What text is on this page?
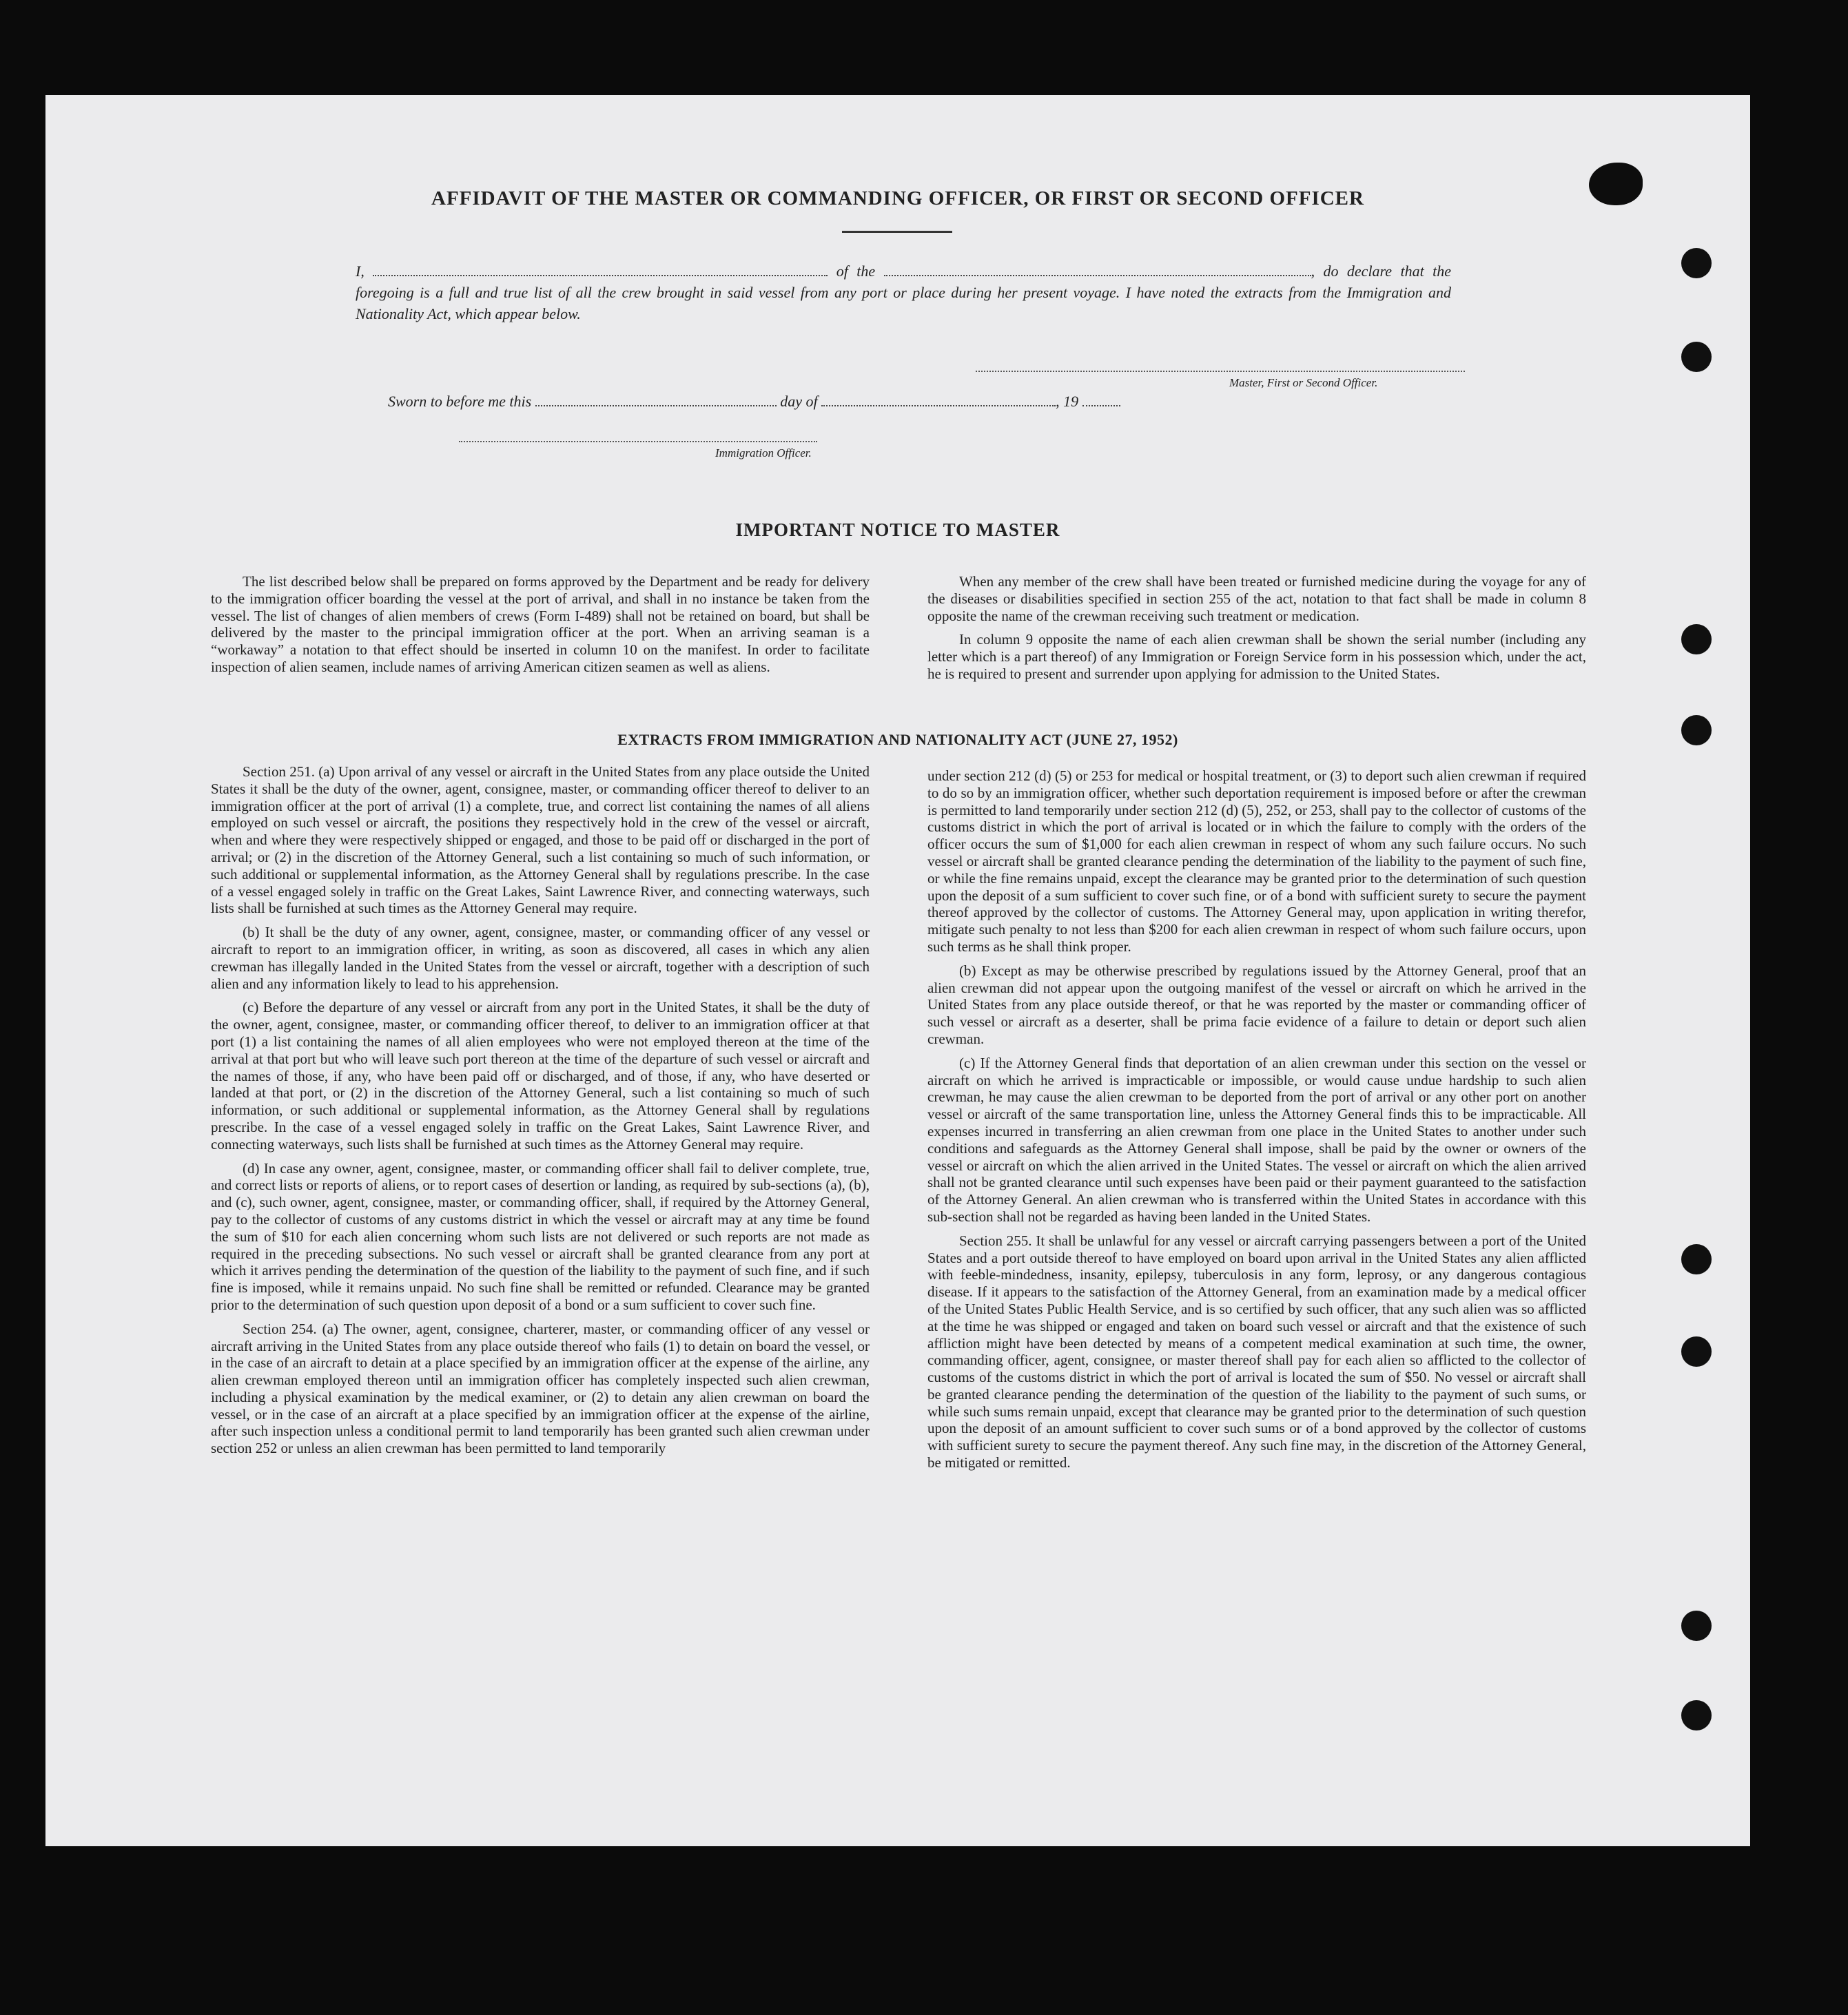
AFFIDAVIT OF THE MASTER OR COMMANDING OFFICER, OR FIRST OR SECOND OFFICER

I,	of the	, do declare that the foregoing is a full and true list of all the crew brought in said vessel from any port or place during her present voyage. I have noted the extracts from the Immigration and Nationality Act, which appear below.

Master, First or Second Officer.
Sworn to before me this	day of	, 19
Immigration Officer.
IMPORTANT NOTICE TO MASTER

The list described below shall be prepared on forms approved by the Department and be ready for delivery to the immigration officer boarding the vessel at the port of arrival, and shall in no instance be taken from the vessel. The list of changes of alien members of crews (Form I-489) shall not be retained on board, but shall be delivered by the master to the principal immigration officer at the port. When an arriving seaman is a “workaway” a notation to that effect should be inserted in column 10 on the manifest. In order to facilitate inspection of alien seamen, include names of arriving American citizen seamen as well as aliens.

When any member of the crew shall have been treated or furnished medicine during the voyage for any of the diseases or disabilities specified in section 255 of the act, notation to that fact shall be made in column 8 opposite the name of the crewman receiving such treatment or medication.

In column 9 opposite the name of each alien crewman shall be shown the serial number (including any letter which is a part thereof) of any Immigration or Foreign Service form in his possession which, under the act, he is required to present and surrender upon applying for admission to the United States.

EXTRACTS FROM IMMIGRATION AND NATIONALITY ACT (JUNE 27, 1952)

Section 251. (a) Upon arrival of any vessel or aircraft in the United States from any place outside the United States it shall be the duty of the owner, agent, consignee, master, or commanding officer thereof to deliver to an immigration officer at the port of arrival (1) a complete, true, and correct list containing the names of all aliens employed on such vessel or aircraft, the positions they respectively hold in the crew of the vessel or aircraft, when and where they were respectively shipped or engaged, and those to be paid off or discharged in the port of arrival; or (2) in the discretion of the Attorney General, such a list containing so much of such information, or such additional or supplemental information, as the Attorney General shall by regulations prescribe. In the case of a vessel engaged solely in traffic on the Great Lakes, Saint Lawrence River, and connecting waterways, such lists shall be furnished at such times as the Attorney General may require.

(b) It shall be the duty of any owner, agent, consignee, master, or commanding officer of any vessel or aircraft to report to an immigration officer, in writing, as soon as discovered, all cases in which any alien crewman has illegally landed in the United States from the vessel or aircraft, together with a description of such alien and any information likely to lead to his apprehension.

(c) Before the departure of any vessel or aircraft from any port in the United States, it shall be the duty of the owner, agent, consignee, master, or commanding officer thereof, to deliver to an immigration officer at that port (1) a list containing the names of all alien employees who were not employed thereon at the time of the arrival at that port but who will leave such port thereon at the time of the departure of such vessel or aircraft and the names of those, if any, who have been paid off or discharged, and of those, if any, who have deserted or landed at that port, or (2) in the discretion of the Attorney General, such a list containing so much of such information, or such additional or supplemental information, as the Attorney General shall by regulations prescribe. In the case of a vessel engaged solely in traffic on the Great Lakes, Saint Lawrence River, and connecting waterways, such lists shall be furnished at such times as the Attorney General may require.

(d) In case any owner, agent, consignee, master, or commanding officer shall fail to deliver complete, true, and correct lists or reports of aliens, or to report cases of desertion or landing, as required by sub-sections (a), (b), and (c), such owner, agent, consignee, master, or commanding officer, shall, if required by the Attorney General, pay to the collector of customs of any customs district in which the vessel or aircraft may at any time be found the sum of $10 for each alien concerning whom such lists are not delivered or such reports are not made as required in the preceding subsections. No such vessel or aircraft shall be granted clearance from any port at which it arrives pending the determination of the question of the liability to the payment of such fine, and if such fine is imposed, while it remains unpaid. No such fine shall be remitted or refunded. Clearance may be granted prior to the determination of such question upon deposit of a bond or a sum sufficient to cover such fine.

Section 254. (a) The owner, agent, consignee, charterer, master, or commanding officer of any vessel or aircraft arriving in the United States from any place outside thereof who fails (1) to detain on board the vessel, or in the case of an aircraft to detain at a place specified by an immigration officer at the expense of the airline, any alien crewman employed thereon until an immigration officer has completely inspected such alien crewman, including a physical examination by the medical examiner, or (2) to detain any alien crewman on board the vessel, or in the case of an aircraft at a place specified by an immigration officer at the expense of the airline, after such inspection unless a conditional permit to land temporarily has been granted such alien crewman under section 252 or unless an alien crewman has been permitted to land temporarily

under section 212 (d) (5) or 253 for medical or hospital treatment, or (3) to deport such alien crewman if required to do so by an immigration officer, whether such deportation requirement is imposed before or after the crewman is permitted to land temporarily under section 212 (d) (5), 252, or 253, shall pay to the collector of customs of the customs district in which the port of arrival is located or in which the failure to comply with the orders of the officer occurs the sum of $1,000 for each alien crewman in respect of whom any such failure occurs. No such vessel or aircraft shall be granted clearance pending the determination of the liability to the payment of such fine, or while the fine remains unpaid, except the clearance may be granted prior to the determination of such question upon the deposit of a sum sufficient to cover such fine, or of a bond with sufficient surety to secure the payment thereof approved by the collector of customs. The Attorney General may, upon application in writing therefor, mitigate such penalty to not less than $200 for each alien crewman in respect of whom such failure occurs, upon such terms as he shall think proper.

(b) Except as may be otherwise prescribed by regulations issued by the Attorney General, proof that an alien crewman did not appear upon the outgoing manifest of the vessel or aircraft on which he arrived in the United States from any place outside thereof, or that he was reported by the master or commanding officer of such vessel or aircraft as a deserter, shall be prima facie evidence of a failure to detain or deport such alien crewman.

(c) If the Attorney General finds that deportation of an alien crewman under this section on the vessel or aircraft on which he arrived is impracticable or impossible, or would cause undue hardship to such alien crewman, he may cause the alien crewman to be deported from the port of arrival or any other port on another vessel or aircraft of the same transportation line, unless the Attorney General finds this to be impracticable. All expenses incurred in transferring an alien crewman from one place in the United States to another under such conditions and safeguards as the Attorney General shall impose, shall be paid by the owner or owners of the vessel or aircraft on which the alien arrived in the United States. The vessel or aircraft on which the alien arrived shall not be granted clearance until such expenses have been paid or their payment guaranteed to the satisfaction of the Attorney General. An alien crewman who is transferred within the United States in accordance with this sub-section shall not be regarded as having been landed in the United States.

Section 255. It shall be unlawful for any vessel or aircraft carrying passengers between a port of the United States and a port outside thereof to have employed on board upon arrival in the United States any alien afflicted with feeble-mindedness, insanity, epilepsy, tuberculosis in any form, leprosy, or any dangerous contagious disease. If it appears to the satisfaction of the Attorney General, from an examination made by a medical officer of the United States Public Health Service, and is so certified by such officer, that any such alien was so afflicted at the time he was shipped or engaged and taken on board such vessel or aircraft and that the existence of such affliction might have been detected by means of a competent medical examination at such time, the owner, commanding officer, agent, consignee, or master thereof shall pay for each alien so afflicted to the collector of customs of the customs district in which the port of arrival is located the sum of $50. No vessel or aircraft shall be granted clearance pending the determination of the question of the liability to the payment of such sums, or while such sums remain unpaid, except that clearance may be granted prior to the determination of such question upon the deposit of an amount sufficient to cover such sums or of a bond approved by the collector of customs with sufficient surety to secure the payment thereof. Any such fine may, in the discretion of the Attorney General, be mitigated or remitted.
